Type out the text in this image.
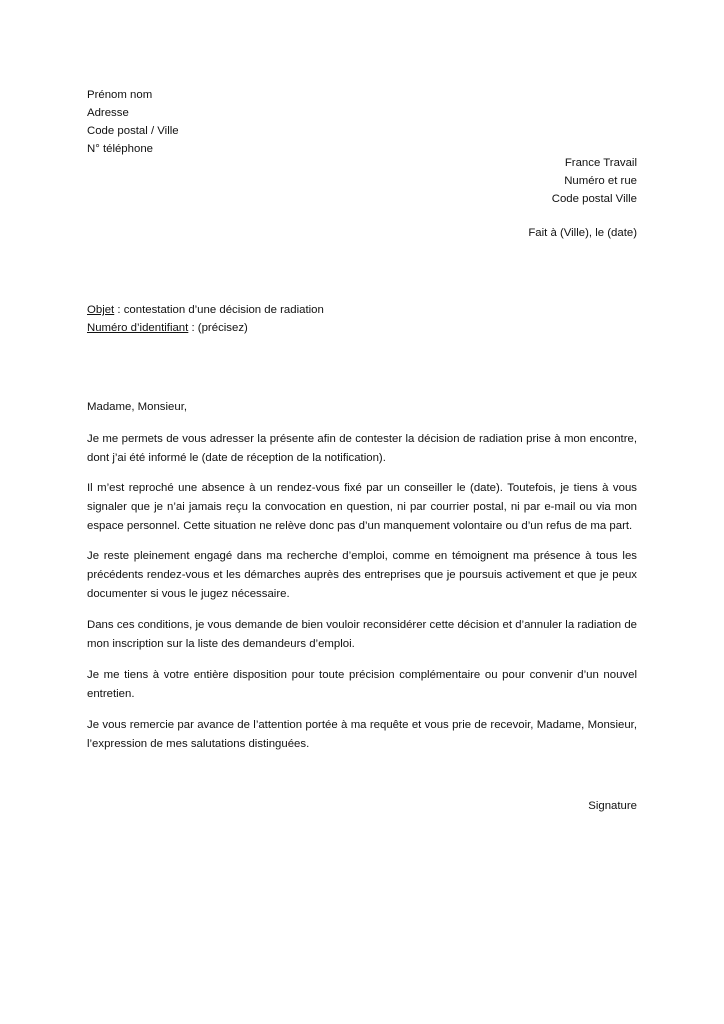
Prénom nom
Adresse
Code postal / Ville
N° téléphone
France Travail
Numéro et rue
Code postal Ville
Fait à (Ville), le (date)
Objet : contestation d’une décision de radiation
Numéro d’identifiant : (précisez)
Madame, Monsieur,
Je me permets de vous adresser la présente afin de contester la décision de radiation prise à mon encontre, dont j’ai été informé le (date de réception de la notification).
Il m’est reproché une absence à un rendez-vous fixé par un conseiller le (date). Toutefois, je tiens à vous signaler que je n’ai jamais reçu la convocation en question, ni par courrier postal, ni par e-mail ou via mon espace personnel. Cette situation ne relève donc pas d’un manquement volontaire ou d’un refus de ma part.
Je reste pleinement engagé dans ma recherche d’emploi, comme en témoignent ma présence à tous les précédents rendez-vous et les démarches auprès des entreprises que je poursuis activement et que je peux documenter si vous le jugez nécessaire.
Dans ces conditions, je vous demande de bien vouloir reconsidérer cette décision et d’annuler la radiation de mon inscription sur la liste des demandeurs d’emploi.
Je me tiens à votre entière disposition pour toute précision complémentaire ou pour convenir d’un nouvel entretien.
Je vous remercie par avance de l’attention portée à ma requête et vous prie de recevoir, Madame, Monsieur, l’expression de mes salutations distinguées.
Signature
